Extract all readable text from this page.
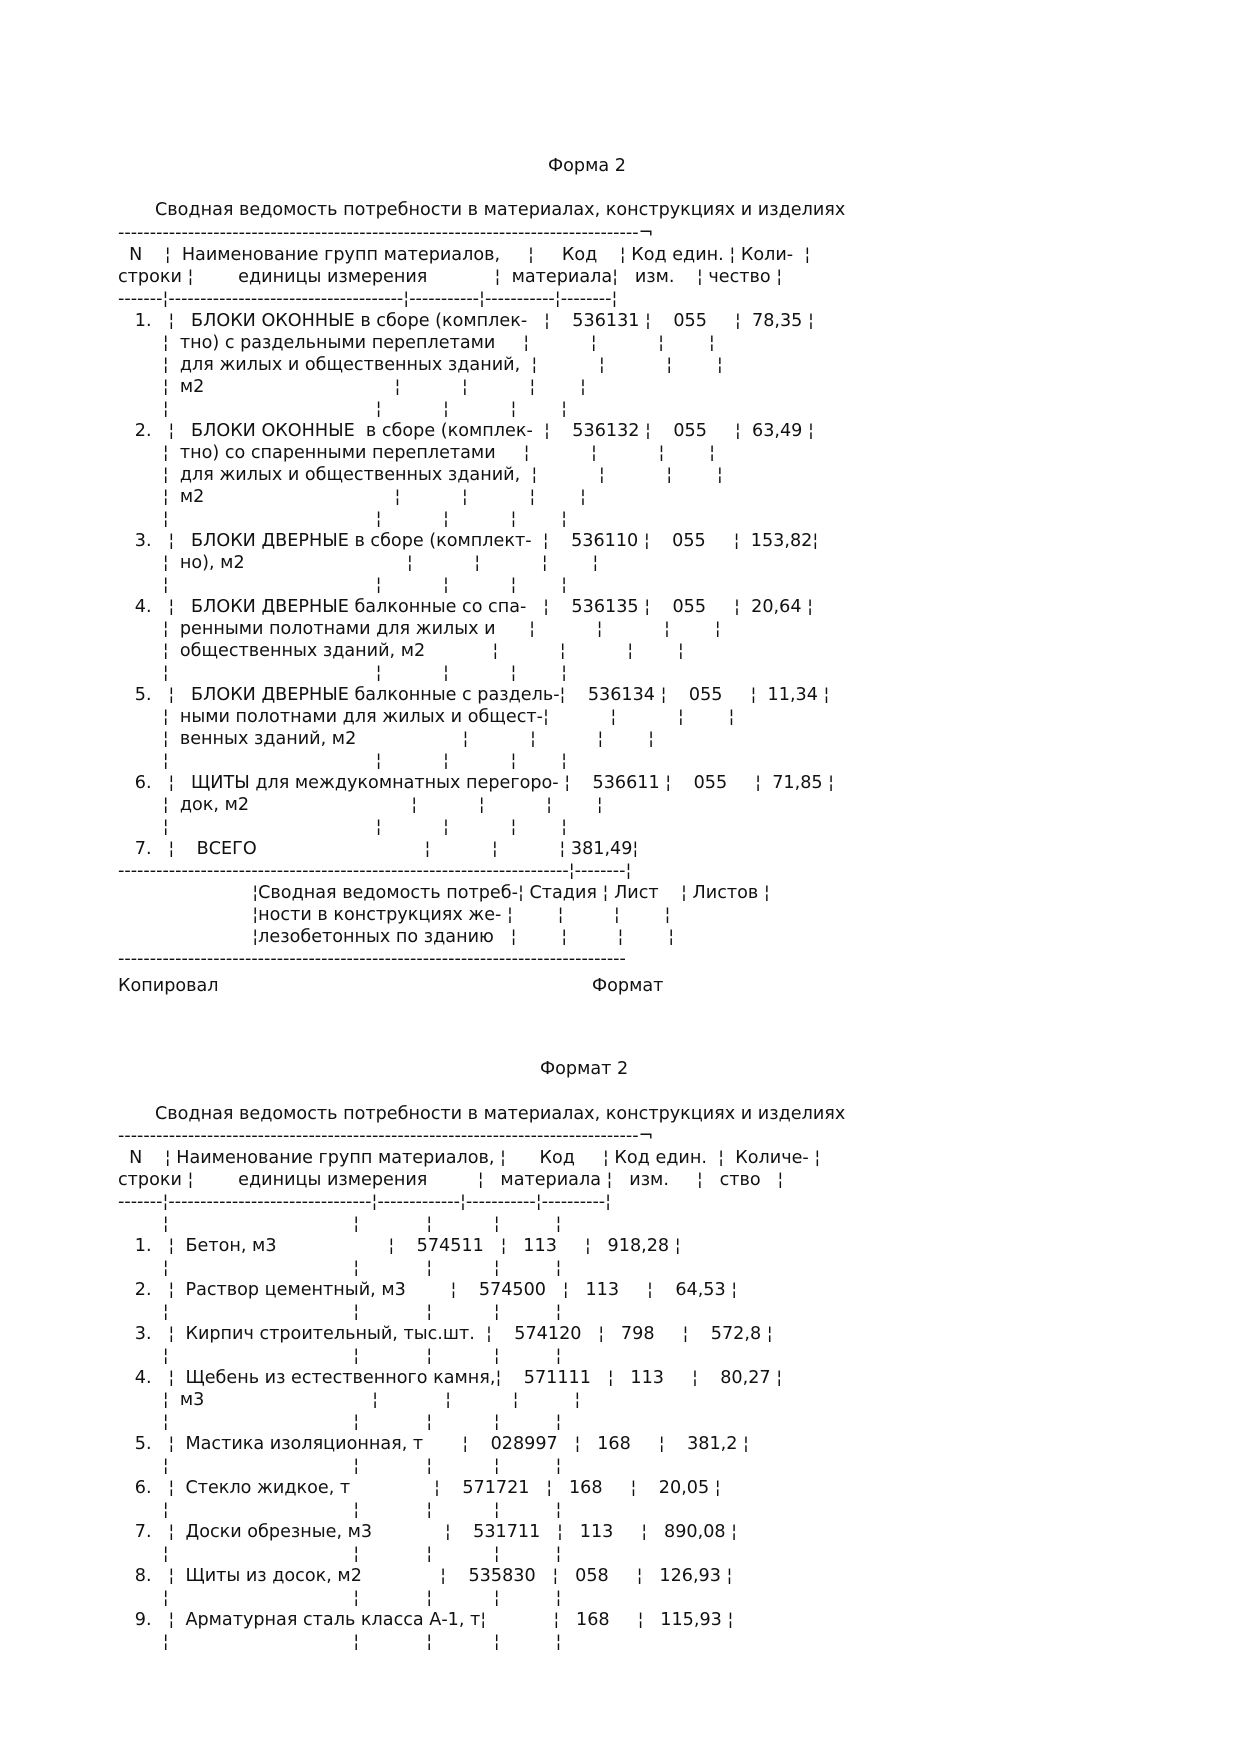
Форма 2
Сводная ведомость потребности в материалах, конструкциях и изделиях
----------------------------------------------------------------------------------¬
N    ¦  Наименование групп материалов,     ¦     Код    ¦ Код един. ¦ Коли-  ¦
строки ¦        единицы измерения            ¦  материала¦   изм.    ¦ чество ¦
-------¦-------------------------------------¦-----------¦-----------¦--------¦
1.   ¦   БЛОКИ ОКОННЫЕ в сборе (комплек-   ¦    536131 ¦    055     ¦  78,35 ¦
¦  тно) с раздельными переплетами     ¦           ¦           ¦        ¦
¦  для жилых и общественных зданий,  ¦           ¦           ¦        ¦
¦  м2                                  ¦           ¦           ¦        ¦
¦                                     ¦           ¦           ¦        ¦
2.   ¦   БЛОКИ ОКОННЫЕ  в сборе (комплек-  ¦    536132 ¦    055     ¦  63,49 ¦
¦  тно) со спаренными переплетами     ¦           ¦           ¦        ¦
¦  для жилых и общественных зданий,  ¦           ¦           ¦        ¦
¦  м2                                  ¦           ¦           ¦        ¦
¦                                     ¦           ¦           ¦        ¦
3.   ¦   БЛОКИ ДВЕРНЫЕ в сборе (комплект-  ¦    536110 ¦    055     ¦  153,82¦
¦  но), м2                             ¦           ¦           ¦        ¦
¦                                     ¦           ¦           ¦        ¦
4.   ¦   БЛОКИ ДВЕРНЫЕ балконные со спа-   ¦    536135 ¦    055     ¦  20,64 ¦
¦  ренными полотнами для жилых и      ¦           ¦           ¦        ¦
¦  общественных зданий, м2            ¦           ¦           ¦        ¦
¦                                     ¦           ¦           ¦        ¦
5.   ¦   БЛОКИ ДВЕРНЫЕ балконные с раздель-¦    536134 ¦    055     ¦  11,34 ¦
¦  ными полотнами для жилых и общест-¦           ¦           ¦        ¦
¦  венных зданий, м2                   ¦           ¦           ¦        ¦
¦                                     ¦           ¦           ¦        ¦
6.   ¦   ЩИТЫ для междукомнатных перегоро- ¦    536611 ¦    055     ¦  71,85 ¦
¦  док, м2                             ¦           ¦           ¦        ¦
¦                                     ¦           ¦           ¦        ¦
7.   ¦    ВСЕГО                              ¦           ¦           ¦ 381,49¦
-----------------------------------------------------------------------¦--------¦
¦Сводная ведомость потреб-¦ Стадия ¦ Лист    ¦ Листов ¦
¦ности в конструкциях же- ¦        ¦         ¦        ¦
¦лезобетонных по зданию   ¦        ¦         ¦        ¦
--------------------------------------------------------------------------------
Копировал	Формат
Формат 2
Сводная ведомость потребности в материалах, конструкциях и изделиях
----------------------------------------------------------------------------------¬
N    ¦ Наименование групп материалов, ¦      Код     ¦ Код един.  ¦  Количе- ¦
строки ¦        единицы измерения         ¦   материала ¦   изм.     ¦   ство   ¦
-------¦--------------------------------¦-------------¦-----------¦----------¦
¦                                 ¦            ¦           ¦          ¦
1.   ¦  Бетон, м3                    ¦    574511   ¦   113     ¦   918,28 ¦
¦                                 ¦            ¦           ¦          ¦
2.   ¦  Раствор цементный, м3        ¦    574500   ¦   113     ¦    64,53 ¦
¦                                 ¦            ¦           ¦          ¦
3.   ¦  Кирпич строительный, тыс.шт.  ¦    574120   ¦   798     ¦    572,8 ¦
¦                                 ¦            ¦           ¦          ¦
4.   ¦  Щебень из естественного камня,¦    571111   ¦   113     ¦    80,27 ¦
¦  м3                              ¦            ¦           ¦          ¦
¦                                 ¦            ¦           ¦          ¦
5.   ¦  Мастика изоляционная, т       ¦    028997   ¦   168     ¦    381,2 ¦
¦                                 ¦            ¦           ¦          ¦
6.   ¦  Стекло жидкое, т               ¦    571721   ¦   168     ¦    20,05 ¦
¦                                 ¦            ¦           ¦          ¦
7.   ¦  Доски обрезные, м3             ¦    531711   ¦   113     ¦   890,08 ¦
¦                                 ¦            ¦           ¦          ¦
8.   ¦  Щиты из досок, м2              ¦    535830   ¦   058     ¦   126,93 ¦
¦                                 ¦            ¦           ¦          ¦
9.   ¦  Арматурная сталь класса А-1, т¦            ¦   168     ¦   115,93 ¦
¦                                 ¦            ¦           ¦          ¦
